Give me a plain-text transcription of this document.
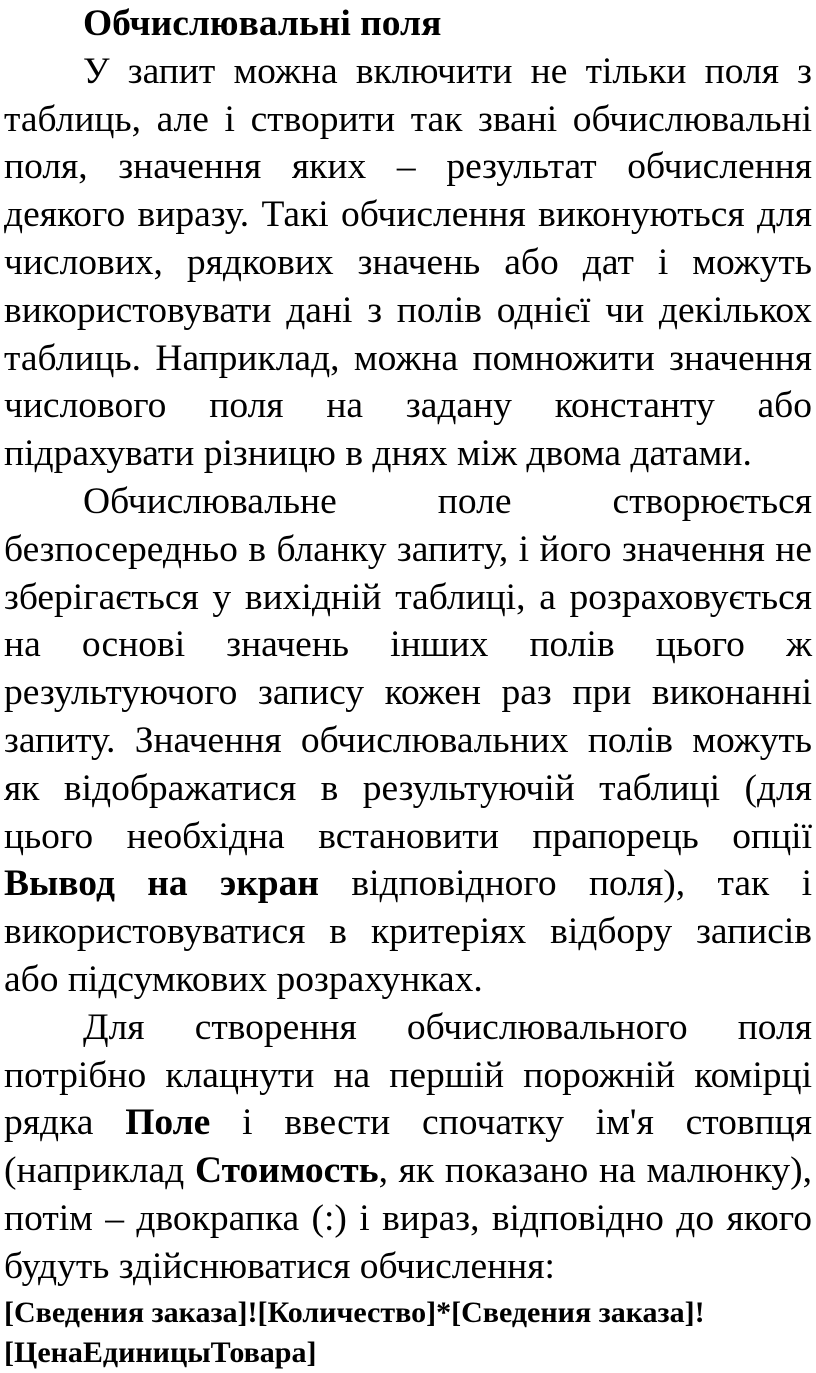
Обчислювальні поля

У запит можна включити не тільки поля з таблиць, але і створити так звані обчислювальні поля, значення яких – результат обчислення деякого виразу. Такі обчислення виконуються для числових, рядкових значень або дат і можуть використовувати дані з полів однієї чи декількох таблиць. Наприклад, можна помножити значення числового поля на задану константу або підрахувати різницю в днях між двома датами.

Обчислювальне поле створюється безпосередньо в бланку запиту, і його значення не зберігається у вихідній таблиці, а розраховується на основі значень інших полів цього ж результуючого запису кожен раз при виконанні запиту. Значення обчислювальних полів можуть як відображатися в результуючій таблиці (для цього необхідна встановити прапорець опції Вывод на экран відповідного поля), так і використовуватися в критеріях відбору записів або підсумкових розрахунках.

Для створення обчислювального поля потрібно клацнути на першій порожній комірці рядка Поле і ввести спочатку ім'я стовпця (наприклад Стоимость, як показано на малюнку), потім – двокрапка (:) і вираз, відповідно до якого будуть здійснюватися обчислення:

[Сведения заказа]![Количество]*[Сведения заказа]![ЦенаЕдиницыТовара]
